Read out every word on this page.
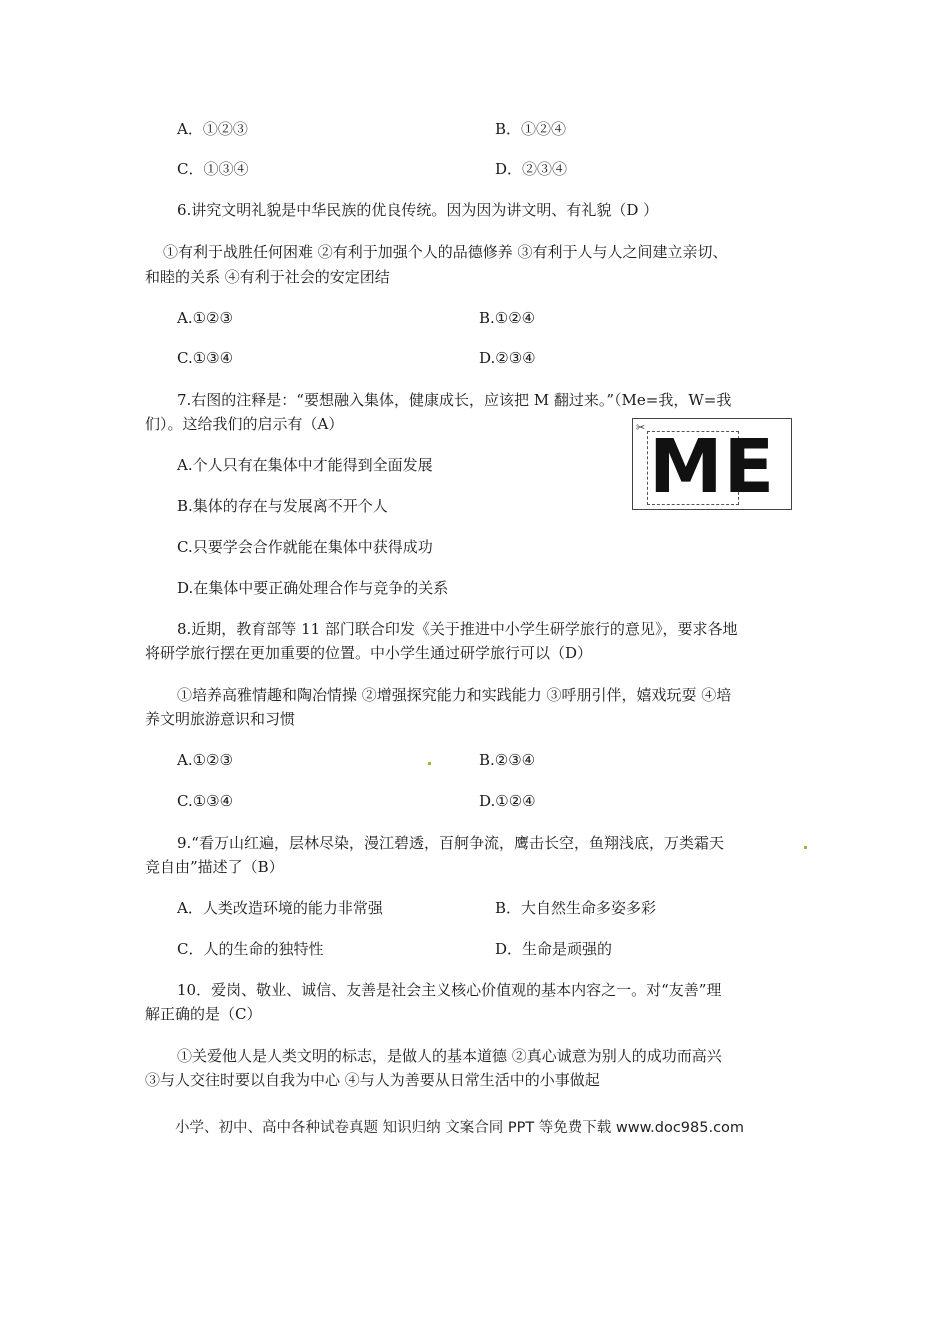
A．①②③	B．①②④
C．①③④	D．②③④
6.讲究文明礼貌是中华民族的优良传统。因为因为讲文明、有礼貌（D ）
①有利于战胜任何困难 ②有利于加强个人的品德修养 ③有利于人与人之间建立亲切、
和睦的关系 ④有利于社会的安定团结
A.①②③	B.①②④
C.①③④	D.②③④
7.右图的注释是：“要想融入集体，健康成长，应该把 M 翻过来。”（Me=我，W=我
们）。这给我们的启示有（A）	✂ ME
A.个人只有在集体中才能得到全面发展
B.集体的存在与发展离不开个人
C.只要学会合作就能在集体中获得成功
D.在集体中要正确处理合作与竞争的关系
8.近期，教育部等 11 部门联合印发《关于推进中小学生研学旅行的意见》，要求各地
将研学旅行摆在更加重要的位置。中小学生通过研学旅行可以（D）
①培养高雅情趣和陶冶情操 ②增强探究能力和实践能力 ③呼朋引伴，嬉戏玩耍 ④培
养文明旅游意识和习惯
A.①②③	B.②③④
C.①③④	D.①②④
9.“看万山红遍，层林尽染，漫江碧透，百舸争流，鹰击长空，鱼翔浅底，万类霜天
竞自由”描述了（B）
A．人类改造环境的能力非常强	B．大自然生命多姿多彩
C．人的生命的独特性	D．生命是顽强的
10．爱岗、敬业、诚信、友善是社会主义核心价值观的基本内容之一。对“友善”理
解正确的是（C）
①关爱他人是人类文明的标志，是做人的基本道德 ②真心诚意为别人的成功而高兴
③与人交往时要以自我为中心 ④与人为善要从日常生活中的小事做起
小学、初中、高中各种试卷真题 知识归纳 文案合同 PPT 等免费下载 www.doc985.com
